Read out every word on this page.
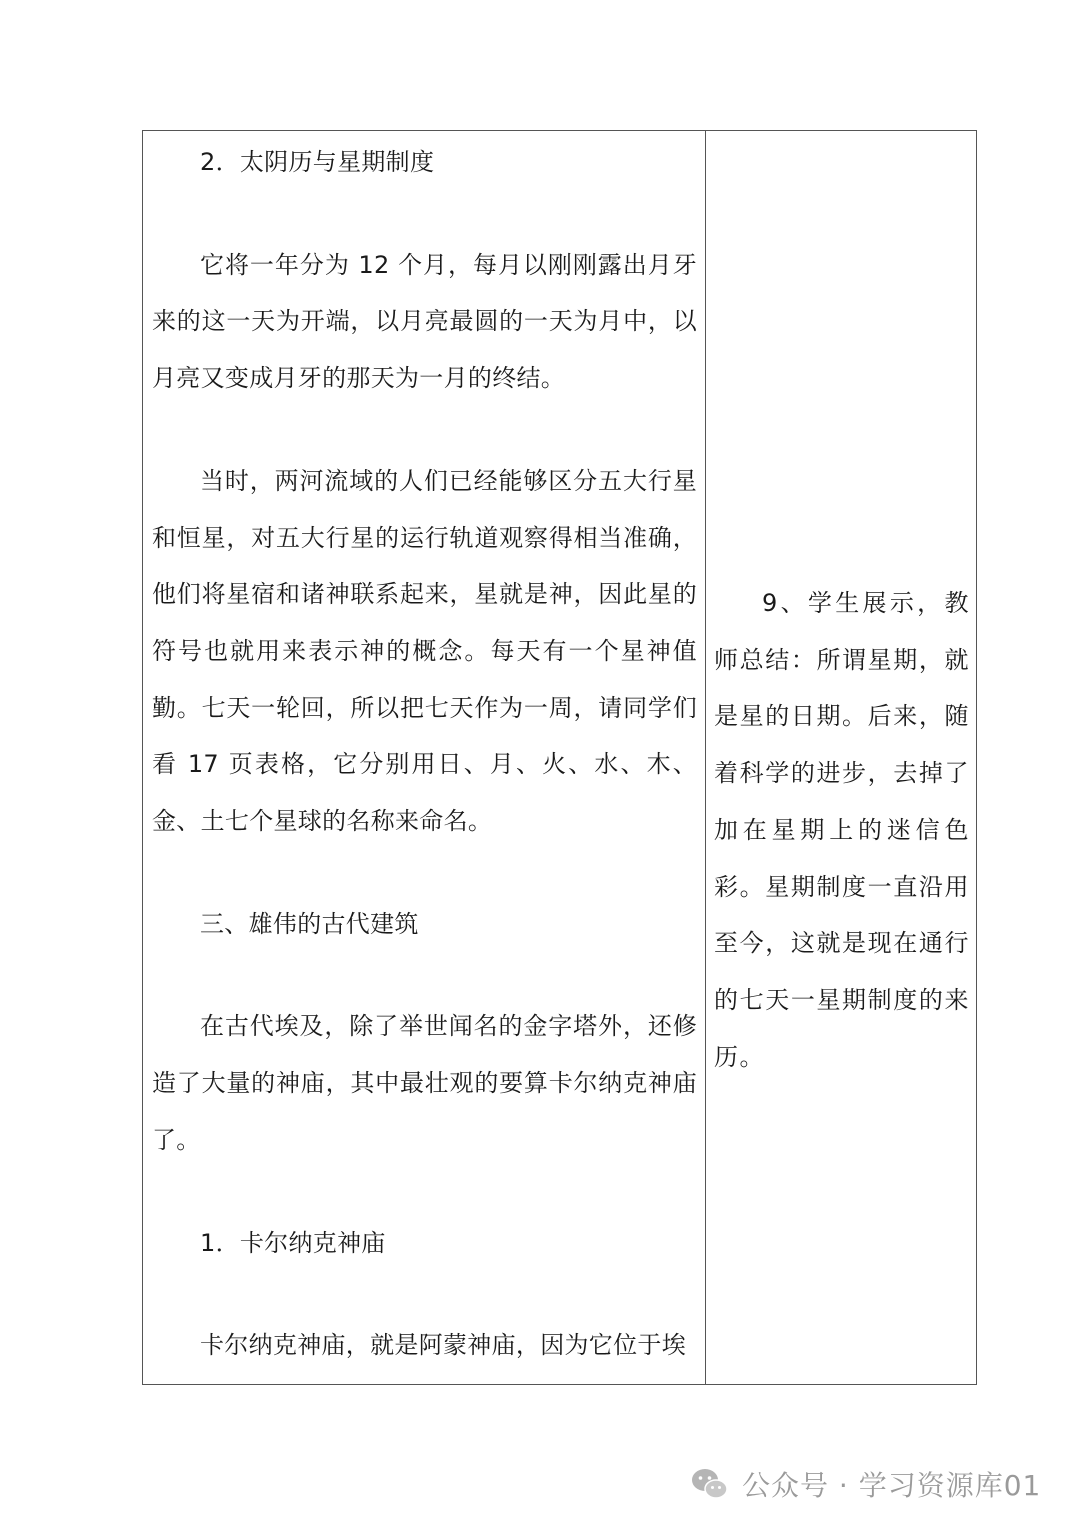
2．太阴历与星期制度

它将一年分为 12 个月，每月以刚刚露出月牙来的这一天为开端，以月亮最圆的一天为月中，以月亮又变成月牙的那天为一月的终结。

当时，两河流域的人们已经能够区分五大行星和恒星，对五大行星的运行轨道观察得相当准确，他们将星宿和诸神联系起来，星就是神，因此星的符号也就用来表示神的概念。每天有一个星神值勤。七天一轮回，所以把七天作为一周，请同学们看 17 页表格，它分别用日、月、火、水、木、金、土七个星球的名称来命名。

三、雄伟的古代建筑

在古代埃及，除了举世闻名的金字塔外，还修造了大量的神庙，其中最壮观的要算卡尔纳克神庙了。

1．卡尔纳克神庙

卡尔纳克神庙，就是阿蒙神庙，因为它位于埃

9、学生展示，教师总结：所谓星期，就是星的日期。后来，随着科学的进步，去掉了加在星期上的迷信色彩。星期制度一直沿用至今，这就是现在通行的七天一星期制度的来历。

公众号 · 学习资源库01
